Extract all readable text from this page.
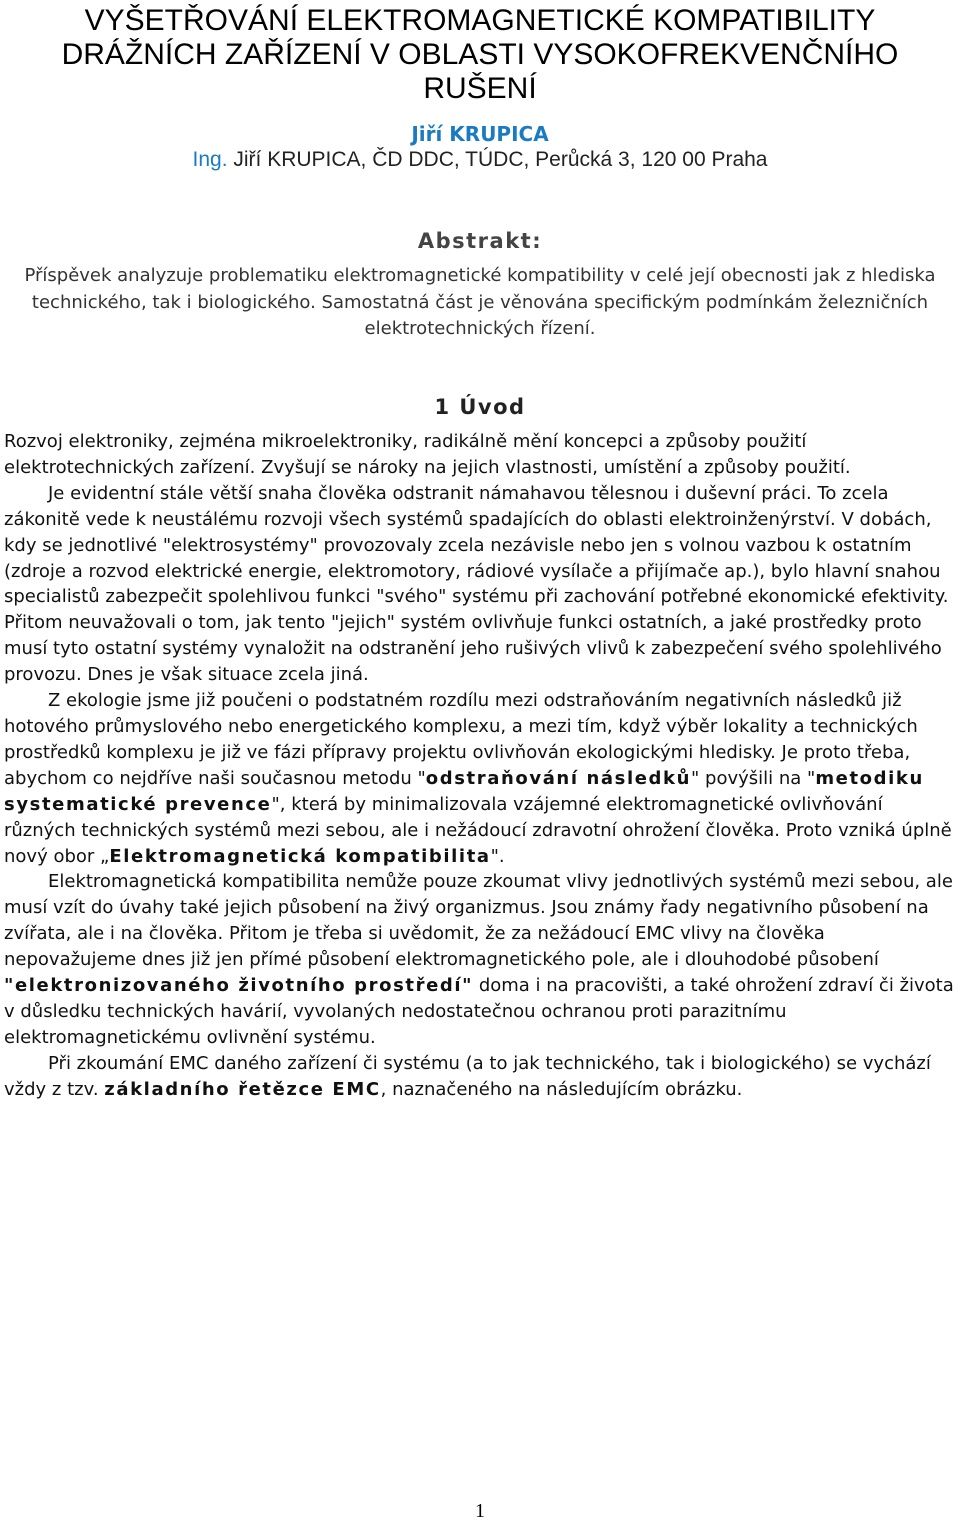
VYŠETŘOVÁNÍ ELEKTROMAGNETICKÉ KOMPATIBILITY
DRÁŽNÍCH ZAŘÍZENÍ V OBLASTI VYSOKOFREKVENČNÍHO
RUŠENÍ
Jiří KRUPICA
Ing. Jiří KRUPICA, ČD DDC, TÚDC, Perůcká 3, 120 00 Praha
Abstrakt:
Příspěvek analyzuje problematiku elektromagnetické kompatibility v celé její obecnosti jak z hlediska technického, tak i biologického. Samostatná část je věnována specifickým podmínkám železničních elektrotechnických řízení.
1 Úvod

Rozvoj elektroniky, zejména mikroelektroniky, radikálně mění koncepci a způsoby použití elektrotechnických zařízení. Zvyšují se nároky na jejich vlastnosti, umístění a způsoby použití.

Je evidentní stále větší snaha člověka odstranit námahavou tělesnou i duševní práci. To zcela zákonitě vede k neustálému rozvoji všech systémů spadajících do oblasti elektroinženýrství. V dobách, kdy se jednotlivé "elektrosystémy" provozovaly zcela nezávisle nebo jen s volnou vazbou k ostatním (zdroje a rozvod elektrické energie, elektromotory, rádiové vysílače a přijímače ap.), bylo hlavní snahou specialistů zabezpečit spolehlivou funkci "svého" systému při zachování potřebné ekonomické efektivity. Přitom neuvažovali o tom, jak tento "jejich" systém ovlivňuje funkci ostatních, a jaké prostředky proto musí tyto ostatní systémy vynaložit na odstranění jeho rušivých vlivů k zabezpečení svého spolehlivého provozu. Dnes je však situace zcela jiná.

Z ekologie jsme již poučeni o podstatném rozdílu mezi odstraňováním negativních následků již hotového průmyslového nebo energetického komplexu, a mezi tím, když výběr lokality a technických prostředků komplexu je již ve fázi přípravy projektu ovlivňován ekologickými hledisky. Je proto třeba, abychom co nejdříve naši současnou metodu "odstraňování následků" povýšili na "metodiku systematické prevence", která by minimalizovala vzájemné elektromagnetické ovlivňování různých technických systémů mezi sebou, ale i nežádoucí zdravotní ohrožení člověka. Proto vzniká úplně nový obor „Elektromagnetická kompatibilita".

Elektromagnetická kompatibilita nemůže pouze zkoumat vlivy jednotlivých systémů mezi sebou, ale musí vzít do úvahy také jejich působení na živý organizmus. Jsou známy řady negativního působení na zvířata, ale i na člověka. Přitom je třeba si uvědomit, že za nežádoucí EMC vlivy na člověka nepovažujeme dnes již jen přímé působení elektromagnetického pole, ale i dlouhodobé působení "elektronizovaného životního prostředí" doma i na pracovišti, a také ohrožení zdraví či života v důsledku technických havárií, vyvolaných nedostatečnou ochranou proti parazitnímu elektromagnetickému ovlivnění systému.

Při zkoumání EMC daného zařízení či systému (a to jak technického, tak i biologického) se vychází vždy z tzv. základního řetězce EMC, naznačeného na následujícím obrázku.

1
